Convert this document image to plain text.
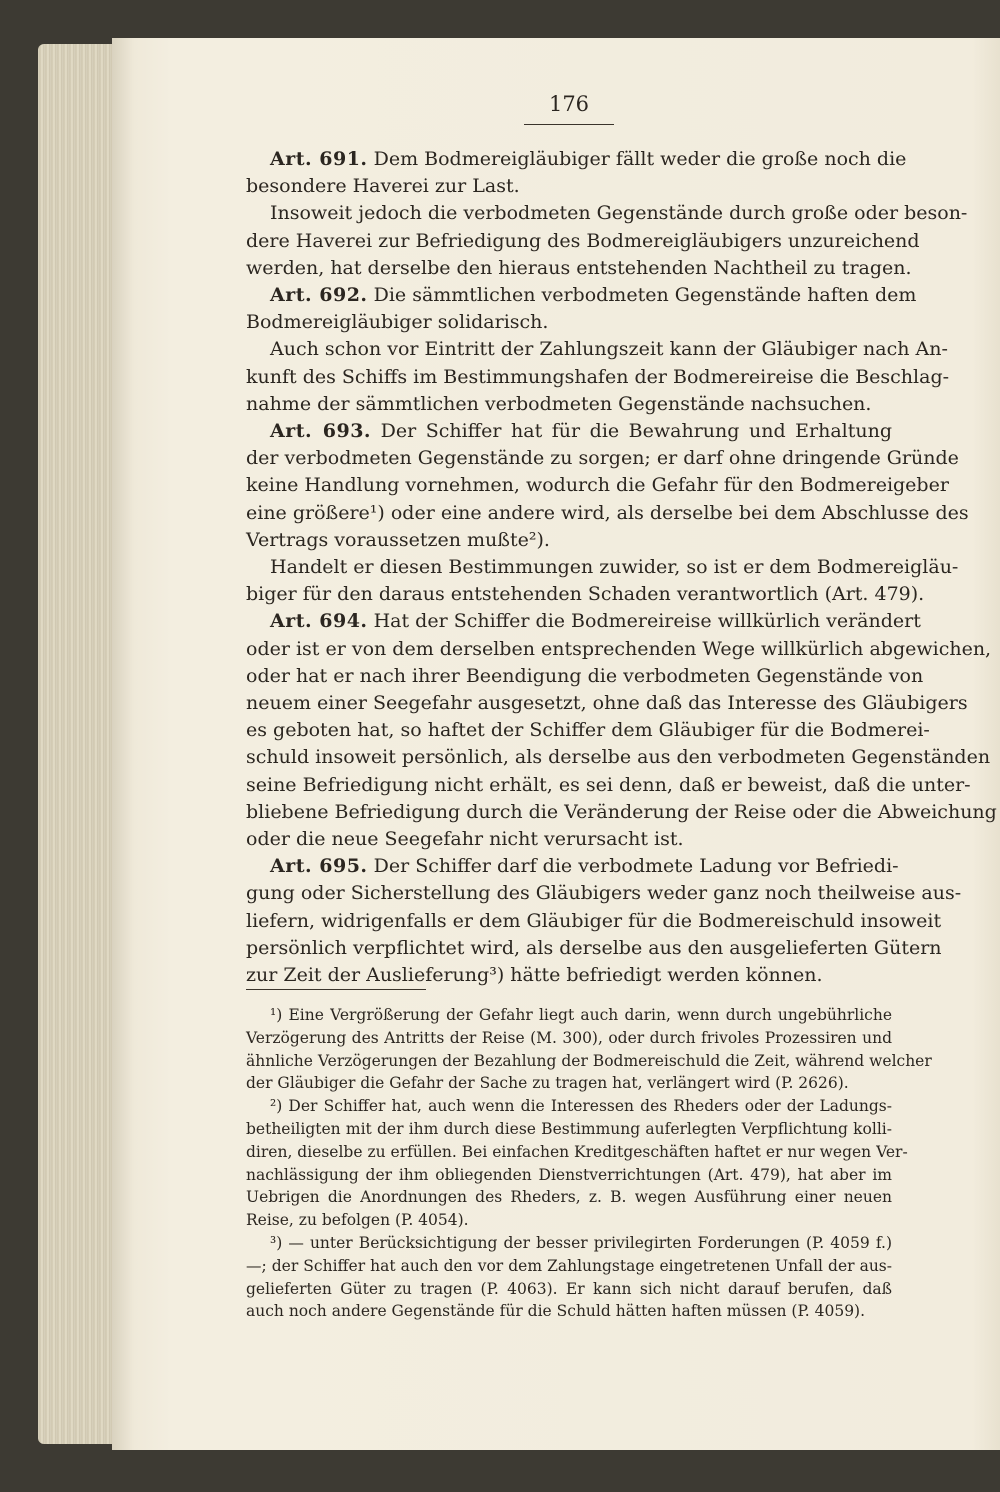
176
Art. 691. Dem Bodmereigläubiger fällt weder die große noch die
besondere Haverei zur Last.
Insoweit jedoch die verbodmeten Gegenstände durch große oder beson-
dere Haverei zur Befriedigung des Bodmereigläubigers unzureichend
werden, hat derselbe den hieraus entstehenden Nachtheil zu tragen.
Art. 692. Die sämmtlichen verbodmeten Gegenstände haften dem
Bodmereigläubiger solidarisch.
Auch schon vor Eintritt der Zahlungszeit kann der Gläubiger nach An-
kunft des Schiffs im Bestimmungshafen der Bodmereireise die Beschlag-
nahme der sämmtlichen verbodmeten Gegenstände nachsuchen.
Art. 693. Der Schiffer hat für die Bewahrung und Erhaltung
der verbodmeten Gegenstände zu sorgen; er darf ohne dringende Gründe
keine Handlung vornehmen, wodurch die Gefahr für den Bodmereigeber
eine größere¹) oder eine andere wird, als derselbe bei dem Abschlusse des
Vertrags voraussetzen mußte²).
Handelt er diesen Bestimmungen zuwider, so ist er dem Bodmereigläu-
biger für den daraus entstehenden Schaden verantwortlich (Art. 479).
Art. 694. Hat der Schiffer die Bodmereireise willkürlich verändert
oder ist er von dem derselben entsprechenden Wege willkürlich abgewichen,
oder hat er nach ihrer Beendigung die verbodmeten Gegenstände von
neuem einer Seegefahr ausgesetzt, ohne daß das Interesse des Gläubigers
es geboten hat, so haftet der Schiffer dem Gläubiger für die Bodmerei-
schuld insoweit persönlich, als derselbe aus den verbodmeten Gegenständen
seine Befriedigung nicht erhält, es sei denn, daß er beweist, daß die unter-
bliebene Befriedigung durch die Veränderung der Reise oder die Abweichung
oder die neue Seegefahr nicht verursacht ist.
Art. 695. Der Schiffer darf die verbodmete Ladung vor Befriedi-
gung oder Sicherstellung des Gläubigers weder ganz noch theilweise aus-
liefern, widrigenfalls er dem Gläubiger für die Bodmereischuld insoweit
persönlich verpflichtet wird, als derselbe aus den ausgelieferten Gütern
zur Zeit der Auslieferung³) hätte befriedigt werden können.
¹) Eine Vergrößerung der Gefahr liegt auch darin, wenn durch ungebührliche
Verzögerung des Antritts der Reise (M. 300), oder durch frivoles Prozessiren und
ähnliche Verzögerungen der Bezahlung der Bodmereischuld die Zeit, während welcher
der Gläubiger die Gefahr der Sache zu tragen hat, verlängert wird (P. 2626).
²) Der Schiffer hat, auch wenn die Interessen des Rheders oder der Ladungs-
betheiligten mit der ihm durch diese Bestimmung auferlegten Verpflichtung kolli-
diren, dieselbe zu erfüllen. Bei einfachen Kreditgeschäften haftet er nur wegen Ver-
nachlässigung der ihm obliegenden Dienstverrichtungen (Art. 479), hat aber im
Uebrigen die Anordnungen des Rheders, z. B. wegen Ausführung einer neuen
Reise, zu befolgen (P. 4054).
³) — unter Berücksichtigung der besser privilegirten Forderungen (P. 4059 f.)
—; der Schiffer hat auch den vor dem Zahlungstage eingetretenen Unfall der aus-
gelieferten Güter zu tragen (P. 4063). Er kann sich nicht darauf berufen, daß
auch noch andere Gegenstände für die Schuld hätten haften müssen (P. 4059).
